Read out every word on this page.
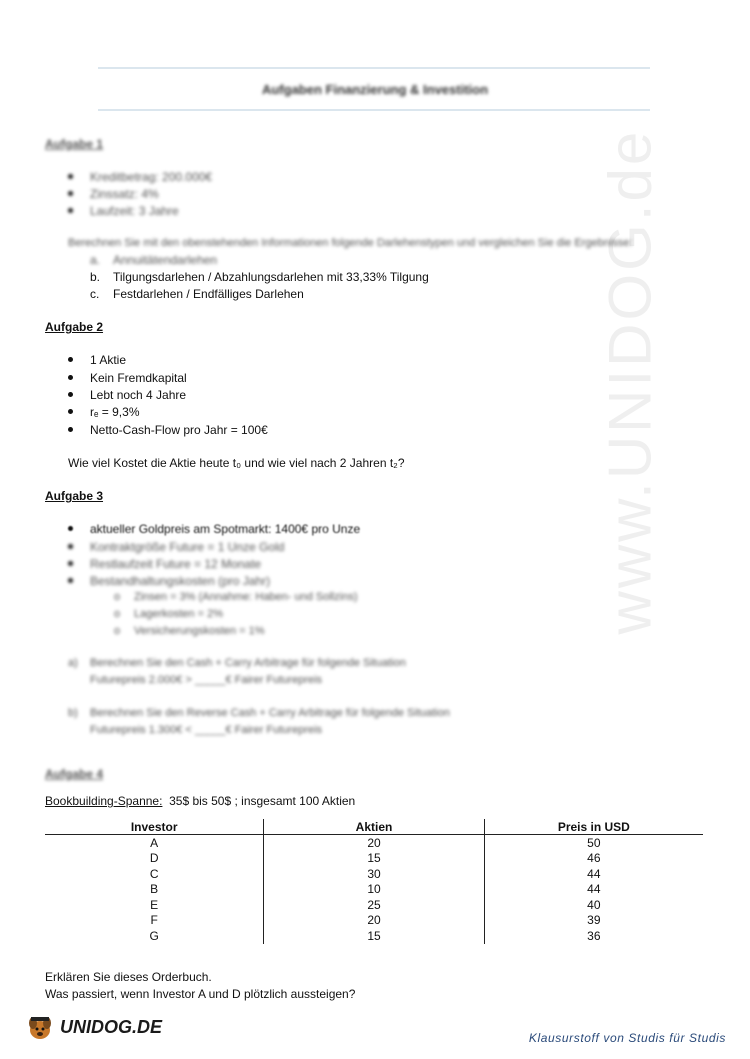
Aufgaben Finanzierung & Investition
www.UNIDOG.de
Aufgabe 1
Kreditbetrag: 200.000€
Zinssatz: 4%
Laufzeit: 3 Jahre
Berechnen Sie mit den obenstehenden Informationen folgende Darlehenstypen und vergleichen Sie die Ergebnisse:
a. Annuitätendarlehen
b. Tilgungsdarlehen / Abzahlungsdarlehen mit 33,33% Tilgung
c. Festdarlehen / Endfälliges Darlehen
Aufgabe 2
1 Aktie
Kein Fremdkapital
Lebt noch 4 Jahre
rₑ = 9,3%
Netto-Cash-Flow pro Jahr = 100€
Wie viel Kostet die Aktie heute t₀ und wie viel nach 2 Jahren t₂?
Aufgabe 3
aktueller Goldpreis am Spotmarkt: 1400€ pro Unze
Kontraktgröße Future = 1 Unze Gold
Restlaufzeit Future = 12 Monate
Bestandhaltungskosten (pro Jahr)
o Zinsen = 3% (Annahme: Haben- und Sollzins)
o Lagerkosten = 2%
o Versicherungskosten = 1%
a) Berechnen Sie den Cash + Carry Arbitrage für folgende Situation
Futurepreis 2.000€ > _____€ Fairer Futurepreis
b) Berechnen Sie den Reverse Cash + Carry Arbitrage für folgende Situation
Futurepreis 1.300€ < _____€ Fairer Futurepreis
Aufgabe 4
Bookbuilding-Spanne: 35$ bis 50$ ; insgesamt 100 Aktien
Investor	Aktien	Preis in USD
A	20	50
D	15	46
C	30	44
B	10	44
E	25	40
F	20	39
G	15	36
Erklären Sie dieses Orderbuch.
Was passiert, wenn Investor A und D plötzlich aussteigen?
UNIDOG.DE
Klausurstoff von Studis für Studis
